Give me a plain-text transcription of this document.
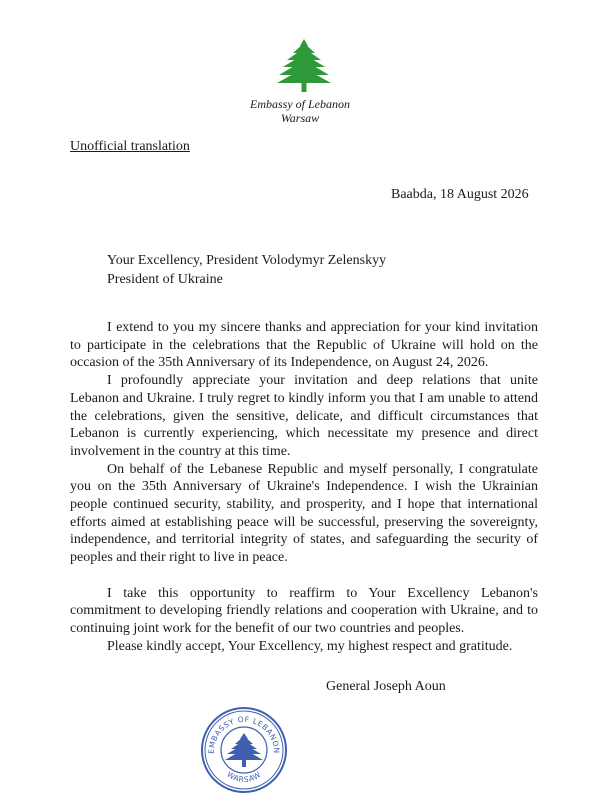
Embassy of Lebanon
Warsaw
Unofficial translation
Baabda, 18 August 2026
Your Excellency, President Volodymyr Zelenskyy
President of Ukraine

I extend to you my sincere thanks and appreciation for your kind invitation to participate in the celebrations that the Republic of Ukraine will hold on the occasion of the 35th Anniversary of its Independence, on August 24, 2026.

I profoundly appreciate your invitation and deep relations that unite Lebanon and Ukraine. I truly regret to kindly inform you that I am unable to attend the celebrations, given the sensitive, delicate, and difficult circumstances that Lebanon is currently experiencing, which necessitate my presence and direct involvement in the country at this time.

On behalf of the Lebanese Republic and myself personally, I congratulate you on the 35th Anniversary of Ukraine's Independence. I wish the Ukrainian people continued security, stability, and prosperity, and I hope that international efforts aimed at establishing peace will be successful, preserving the sovereignty, independence, and territorial integrity of states, and safeguarding the security of peoples and their right to live in peace.

I take this opportunity to reaffirm to Your Excellency Lebanon's commitment to developing friendly relations and cooperation with Ukraine, and to continuing joint work for the benefit of our two countries and peoples.

Please kindly accept, Your Excellency, my highest respect and gratitude.

General Joseph Aoun
EMBASSY OF LEBANON
WARSAW
